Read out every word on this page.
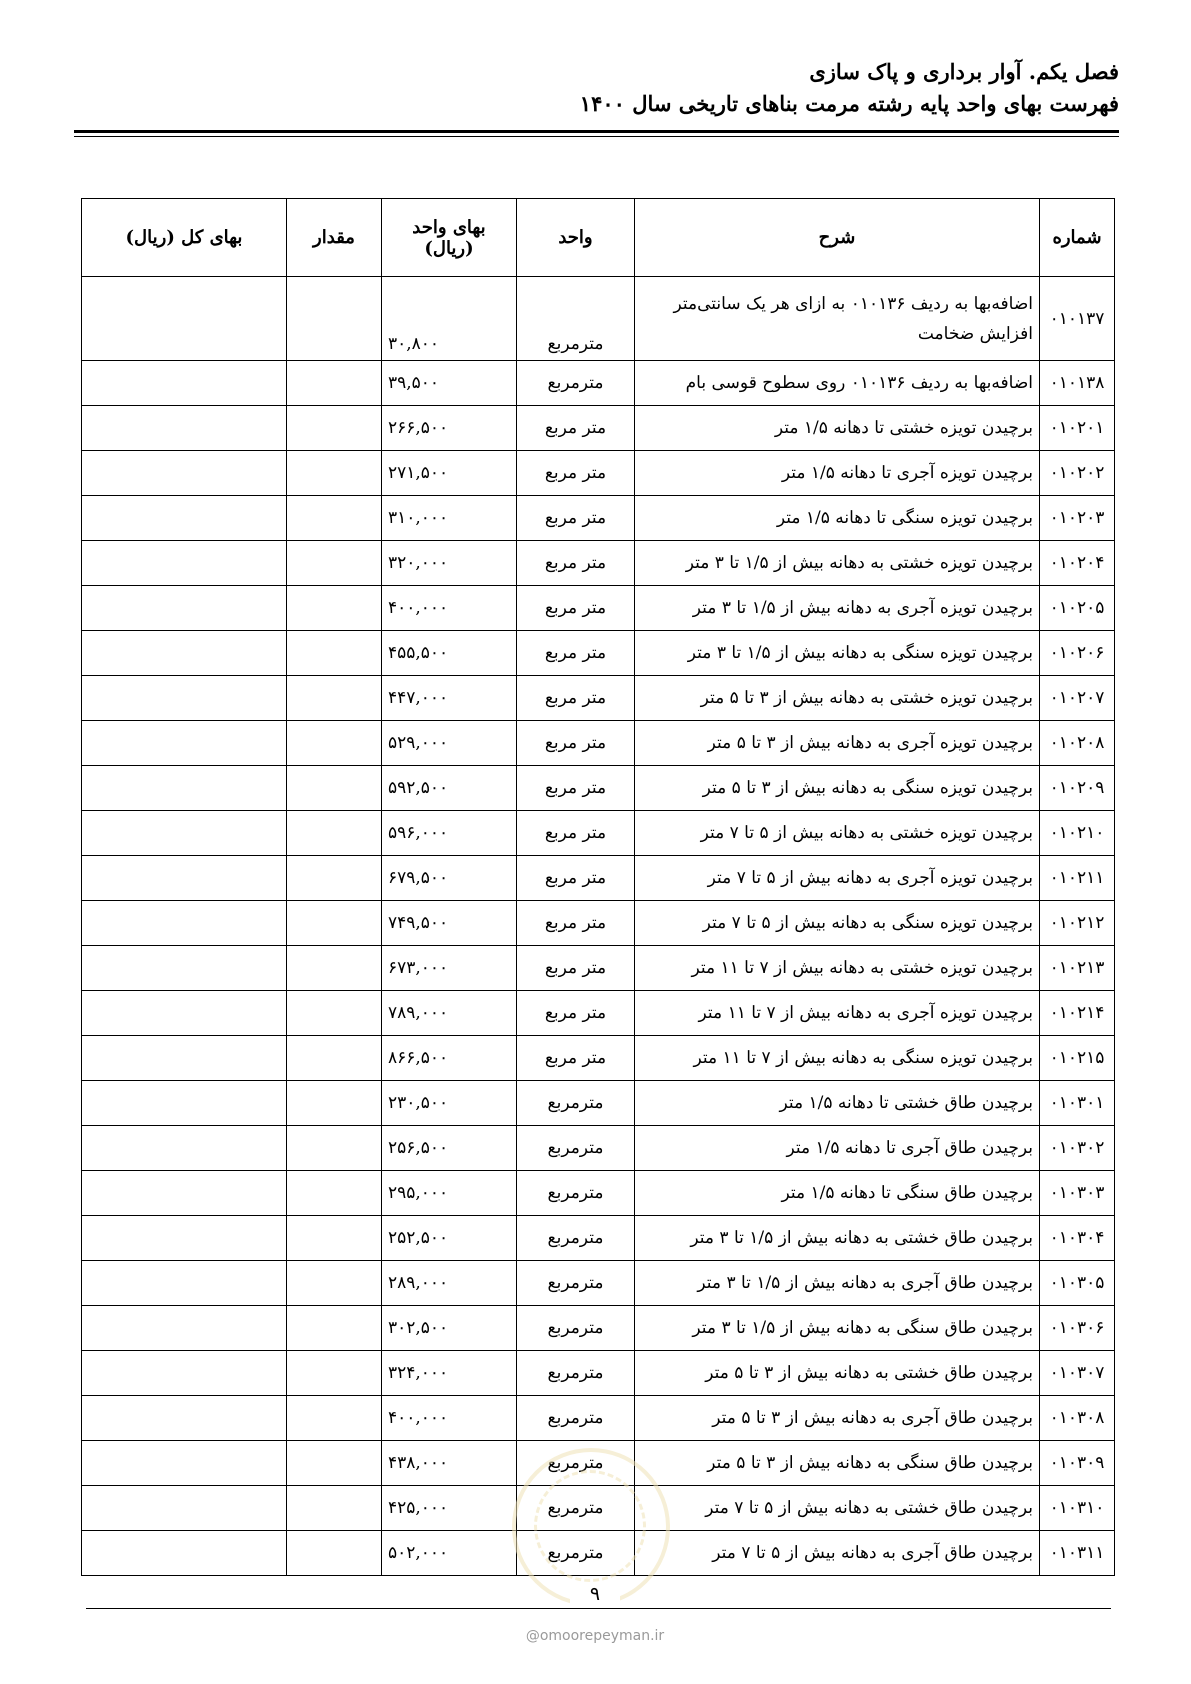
فصل یکم. آوار برداری و پاک سازی
فهرست بهای واحد پایه رشته مرمت بناهای تاریخی سال ۱۴۰۰
شماره	شرح	واحد	بهای واحد (ریال)	مقدار	بهای کل (ریال)
۰۱۰۱۳۷	اضافه‌بها به ردیف ۰۱۰۱۳۶ به ازای هر یک سانتی‌متر افزایش ضخامت	مترمربع	۳۰,۸۰۰		
۰۱۰۱۳۸	اضافه‌بها به ردیف ۰۱۰۱۳۶ روی سطوح قوسی بام	مترمربع	۳۹,۵۰۰		
۰۱۰۲۰۱	برچیدن تویزه خشتی تا دهانه ۱/۵ متر	متر مربع	۲۶۶,۵۰۰		
۰۱۰۲۰۲	برچیدن تویزه آجری تا دهانه ۱/۵ متر	متر مربع	۲۷۱,۵۰۰		
۰۱۰۲۰۳	برچیدن تویزه سنگی تا دهانه ۱/۵ متر	متر مربع	۳۱۰,۰۰۰		
۰۱۰۲۰۴	برچیدن تویزه خشتی به دهانه بیش از ۱/۵ تا ۳ متر	متر مربع	۳۲۰,۰۰۰		
۰۱۰۲۰۵	برچیدن تویزه آجری به دهانه بیش از ۱/۵ تا ۳ متر	متر مربع	۴۰۰,۰۰۰		
۰۱۰۲۰۶	برچیدن تویزه سنگی به دهانه بیش از ۱/۵ تا ۳ متر	متر مربع	۴۵۵,۵۰۰		
۰۱۰۲۰۷	برچیدن تویزه خشتی به دهانه بیش از ۳ تا ۵ متر	متر مربع	۴۴۷,۰۰۰		
۰۱۰۲۰۸	برچیدن تویزه آجری به دهانه بیش از ۳ تا ۵ متر	متر مربع	۵۲۹,۰۰۰		
۰۱۰۲۰۹	برچیدن تویزه سنگی به دهانه بیش از ۳ تا ۵ متر	متر مربع	۵۹۲,۵۰۰		
۰۱۰۲۱۰	برچیدن تویزه خشتی به دهانه بیش از ۵ تا ۷ متر	متر مربع	۵۹۶,۰۰۰		
۰۱۰۲۱۱	برچیدن تویزه آجری به دهانه بیش از ۵ تا ۷ متر	متر مربع	۶۷۹,۵۰۰		
۰۱۰۲۱۲	برچیدن تویزه سنگی به دهانه بیش از ۵ تا ۷ متر	متر مربع	۷۴۹,۵۰۰		
۰۱۰۲۱۳	برچیدن تویزه خشتی به دهانه بیش از ۷ تا ۱۱ متر	متر مربع	۶۷۳,۰۰۰		
۰۱۰۲۱۴	برچیدن تویزه آجری به دهانه بیش از ۷ تا ۱۱ متر	متر مربع	۷۸۹,۰۰۰		
۰۱۰۲۱۵	برچیدن تویزه سنگی به دهانه بیش از ۷ تا ۱۱ متر	متر مربع	۸۶۶,۵۰۰		
۰۱۰۳۰۱	برچیدن طاق خشتی تا دهانه ۱/۵ متر	مترمربع	۲۳۰,۵۰۰		
۰۱۰۳۰۲	برچیدن طاق آجری تا دهانه ۱/۵ متر	مترمربع	۲۵۶,۵۰۰		
۰۱۰۳۰۳	برچیدن طاق سنگی تا دهانه ۱/۵ متر	مترمربع	۲۹۵,۰۰۰		
۰۱۰۳۰۴	برچیدن طاق خشتی به دهانه بیش از ۱/۵ تا ۳ متر	مترمربع	۲۵۲,۵۰۰		
۰۱۰۳۰۵	برچیدن طاق آجری به دهانه بیش از ۱/۵ تا ۳ متر	مترمربع	۲۸۹,۰۰۰		
۰۱۰۳۰۶	برچیدن طاق سنگی به دهانه بیش از ۱/۵ تا ۳ متر	مترمربع	۳۰۲,۵۰۰		
۰۱۰۳۰۷	برچیدن طاق خشتی به دهانه بیش از ۳ تا ۵ متر	مترمربع	۳۲۴,۰۰۰		
۰۱۰۳۰۸	برچیدن طاق آجری به دهانه بیش از ۳ تا ۵ متر	مترمربع	۴۰۰,۰۰۰		
۰۱۰۳۰۹	برچیدن طاق سنگی به دهانه بیش از ۳ تا ۵ متر	مترمربع	۴۳۸,۰۰۰		
۰۱۰۳۱۰	برچیدن طاق خشتی به دهانه بیش از ۵ تا ۷ متر	مترمربع	۴۲۵,۰۰۰		
۰۱۰۳۱۱	برچیدن طاق آجری به دهانه بیش از ۵ تا ۷ متر	مترمربع	۵۰۲,۰۰۰		
۹
@omoorepeyman.ir
